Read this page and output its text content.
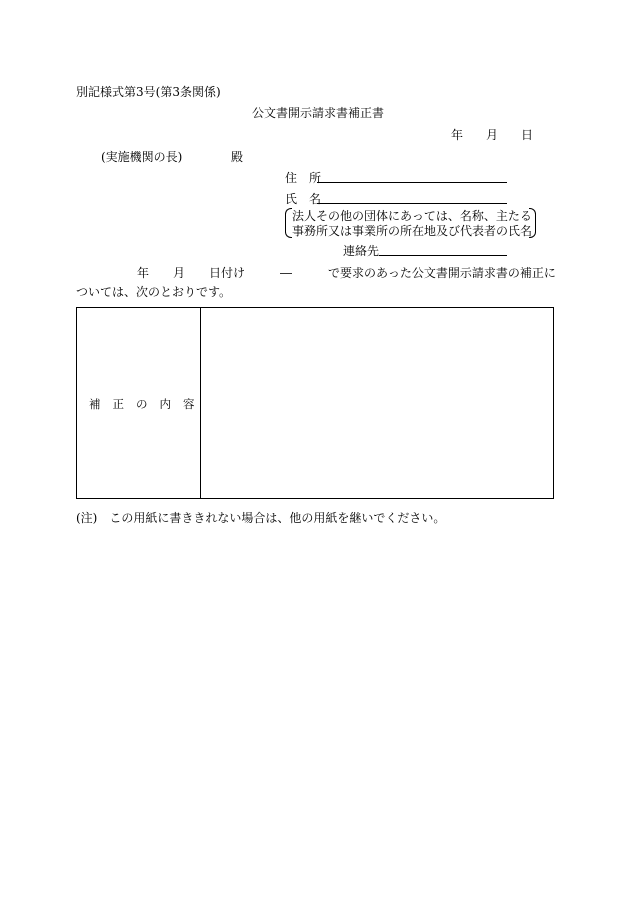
別記様式第3号(第3条関係)
公文書開示請求書補正書
年 月 日
(実施機関の長)	殿
住　所
氏　名
法人その他の団体にあっては、名称、主たる
事務所又は事業所の所在地及び代表者の氏名
連絡先
年 月 日付け	―	で要求のあった公文書開示請求書の補正に
ついては、次のとおりです。
補正の内容
(注)　この用紙に書ききれない場合は、他の用紙を継いでください。
